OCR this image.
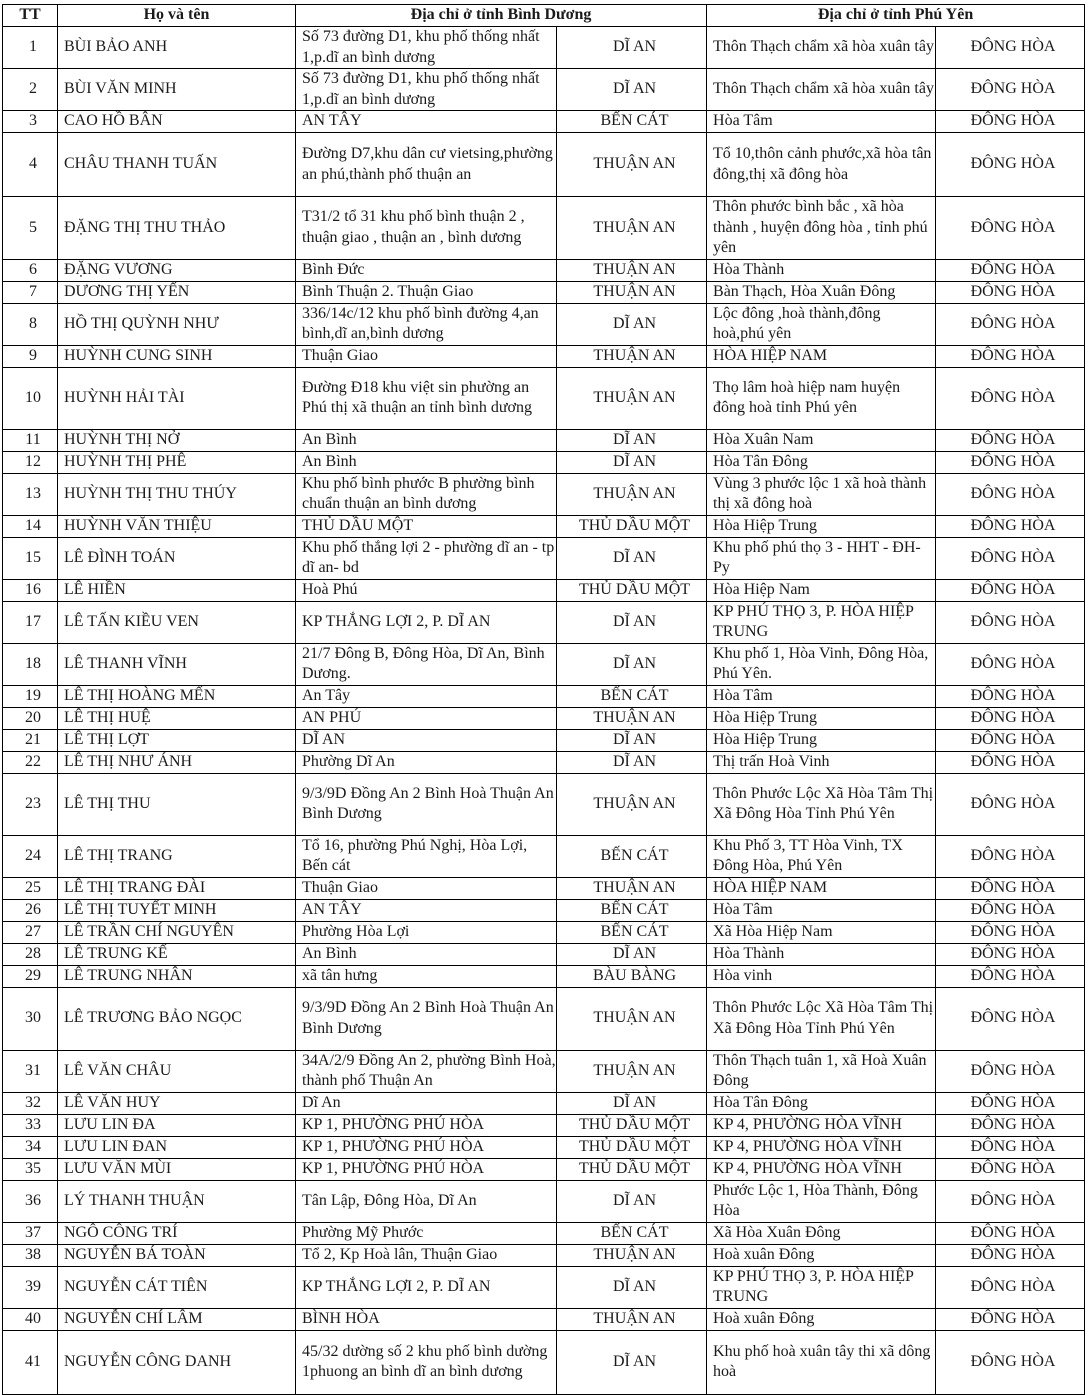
TT	Họ và tên	Địa chỉ ở tỉnh Bình Dương		Địa chỉ ở tỉnh Phú Yên	
1	BÙI BẢO ANH	Số 73 đường D1, khu phố thống nhất 1,p.dĩ an bình dương	DĨ AN	Thôn Thạch chẩm xã hòa xuân tây	ĐÔNG HÒA
2	BÙI VĂN MINH	Số 73 đường D1, khu phố thống nhất 1,p.dĩ an bình dương	DĨ AN	Thôn Thạch chẩm xã hòa xuân tây	ĐÔNG HÒA
3	CAO HỒ BÂN	AN TÂY	BẾN CÁT	Hòa Tâm	ĐÔNG HÒA
4	CHÂU THANH TUẤN	Đường D7,khu dân cư vietsing,phường an phú,thành phố thuận an	THUẬN AN	Tổ 10,thôn cảnh phước,xã hòa tân đông,thị xã đông hòa	ĐÔNG HÒA
5	ĐẶNG THỊ THU THẢO	T31/2 tổ 31 khu phố bình thuận 2 , thuận giao , thuận an , bình dương	THUẬN AN	Thôn phước bình bắc , xã hòa thành , huyện đông hòa , tỉnh phú yên	ĐÔNG HÒA
6	ĐẶNG VƯƠNG	Bình Đức	THUẬN AN	Hòa Thành	ĐÔNG HÒA
7	DƯƠNG THỊ YẾN	Bình Thuận 2. Thuận Giao	THUẬN AN	Bàn Thạch, Hòa Xuân Đông	ĐÔNG HÒA
8	HỒ THỊ QUỲNH NHƯ	336/14c/12 khu phố bình đường 4,an bình,dĩ an,bình dương	DĨ AN	Lộc đông ,hoà thành,đông hoà,phú yên	ĐÔNG HÒA
9	HUỲNH CUNG SINH	Thuận Giao	THUẬN AN	HÒA HIỆP NAM	ĐÔNG HÒA
10	HUỲNH HẢI TÀI	Đường Đ18 khu việt sin phường an Phú thị xã thuận an tỉnh bình dương	THUẬN AN	Thọ lâm hoà hiệp nam huyện đông hoà tỉnh Phú yên	ĐÔNG HÒA
11	HUỲNH THỊ NỞ	An Bình	DĨ AN	Hòa Xuân Nam	ĐÔNG HÒA
12	HUỲNH THỊ PHÊ	An Bình	DĨ AN	Hòa Tân Đông	ĐÔNG HÒA
13	HUỲNH THỊ THU THÚY	Khu phố bình phước B phường bình chuẩn thuận an bình dương	THUẬN AN	Vùng 3 phước lộc 1 xã hoà thành thị xã đông hoà	ĐÔNG HÒA
14	HUỲNH VĂN THIỆU	THỦ DẦU MỘT	THỦ DẦU MỘT	Hòa Hiệp Trung	ĐÔNG HÒA
15	LÊ ĐÌNH TOÁN	Khu phố thắng lợi 2 - phường dĩ an - tp dĩ an- bd	DĨ AN	Khu phố phú thọ 3 - HHT - ĐH-Py	ĐÔNG HÒA
16	LÊ HIỀN	Hoà Phú	THỦ DẦU MỘT	Hòa Hiệp Nam	ĐÔNG HÒA
17	LÊ TẤN KIỀU VEN	KP THẮNG LỢI 2, P. DĨ AN	DĨ AN	KP PHÚ THỌ 3, P. HÒA HIỆP TRUNG	ĐÔNG HÒA
18	LÊ THANH VĨNH	21/7 Đông B, Đông Hòa, Dĩ An, Bình Dương.	DĨ AN	Khu phố 1, Hòa Vinh, Đông Hòa, Phú Yên.	ĐÔNG HÒA
19	LÊ THỊ HOÀNG MẾN	An Tây	BẾN CÁT	Hòa Tâm	ĐÔNG HÒA
20	LÊ THỊ HUỆ	AN PHÚ	THUẬN AN	Hòa Hiệp Trung	ĐÔNG HÒA
21	LÊ THỊ LỢT	DĨ AN	DĨ AN	Hòa Hiệp Trung	ĐÔNG HÒA
22	LÊ THỊ NHƯ ÁNH	Phường Dĩ An	DĨ AN	Thị trấn Hoà Vinh	ĐÔNG HÒA
23	LÊ THỊ THU	9/3/9D Đồng An 2 Bình Hoà Thuận An Bình Dương	THUẬN AN	Thôn Phước Lộc Xã Hòa Tâm Thị Xã Đông Hòa Tỉnh Phú Yên	ĐÔNG HÒA
24	LÊ THỊ TRANG	Tổ 16, phường Phú Nghị, Hòa Lợi, Bến cát	BẾN CÁT	Khu Phố 3, TT Hòa Vinh, TX Đông Hòa, Phú Yên	ĐÔNG HÒA
25	LÊ THỊ TRANG ĐÀI	Thuận Giao	THUẬN AN	HÒA HIỆP NAM	ĐÔNG HÒA
26	LÊ THỊ TUYẾT MINH	AN TÂY	BẾN CÁT	Hòa Tâm	ĐÔNG HÒA
27	LÊ TRẦN CHÍ NGUYÊN	Phường Hòa Lợi	BẾN CÁT	Xã Hòa Hiệp Nam	ĐÔNG HÒA
28	LÊ TRUNG KẾ	An Bình	DĨ AN	Hòa Thành	ĐÔNG HÒA
29	LÊ TRUNG NHÂN	xã tân hưng	BÀU BÀNG	Hòa vinh	ĐÔNG HÒA
30	LÊ TRƯƠNG BẢO NGỌC	9/3/9D Đồng An 2 Bình Hoà Thuận An Bình Dương	THUẬN AN	Thôn Phước Lộc Xã Hòa Tâm Thị Xã Đông Hòa Tỉnh Phú Yên	ĐÔNG HÒA
31	LÊ VĂN CHÂU	34A/2/9 Đồng An 2, phường Bình Hoà, thành phố Thuận An	THUẬN AN	Thôn Thạch tuân 1, xã Hoà Xuân Đông	ĐÔNG HÒA
32	LÊ VĂN HUY	Dĩ An	DĨ AN	Hòa Tân Đông	ĐÔNG HÒA
33	LƯU LIN ĐA	KP 1, PHƯỜNG PHÚ HÒA	THỦ DẦU MỘT	KP 4, PHƯỜNG HÒA VĨNH	ĐÔNG HÒA
34	LƯU LIN ĐAN	KP 1, PHƯỜNG PHÚ HÒA	THỦ DẦU MỘT	KP 4, PHƯỜNG HÒA VĨNH	ĐÔNG HÒA
35	LƯU VĂN MÙI	KP 1, PHƯỜNG PHÚ HÒA	THỦ DẦU MỘT	KP 4, PHƯỜNG HÒA VĨNH	ĐÔNG HÒA
36	LÝ THANH THUẬN	Tân Lập, Đông Hòa, Dĩ An	DĨ AN	Phước Lộc 1, Hòa Thành, Đông Hòa	ĐÔNG HÒA
37	NGÔ CÔNG TRÍ	Phường Mỹ Phước	BẾN CÁT	Xã Hòa Xuân Đông	ĐÔNG HÒA
38	NGUYỄN BÁ TOÀN	Tổ 2, Kp Hoà lân, Thuận Giao	THUẬN AN	Hoà xuân Đông	ĐÔNG HÒA
39	NGUYỄN CÁT TIÊN	KP THẮNG LỢI 2, P. DĨ AN	DĨ AN	KP PHÚ THỌ 3, P. HÒA HIỆP TRUNG	ĐÔNG HÒA
40	NGUYỄN CHÍ LÂM	BÌNH HÒA	THUẬN AN	Hoà xuân Đông	ĐÔNG HÒA
41	NGUYỄN CÔNG DANH	45/32 dường số 2 khu phố bình dường 1phuong an bình dĩ an bình dương	DĨ AN	Khu phố hoà xuân tây thi xã dông hoà	ĐÔNG HÒA
